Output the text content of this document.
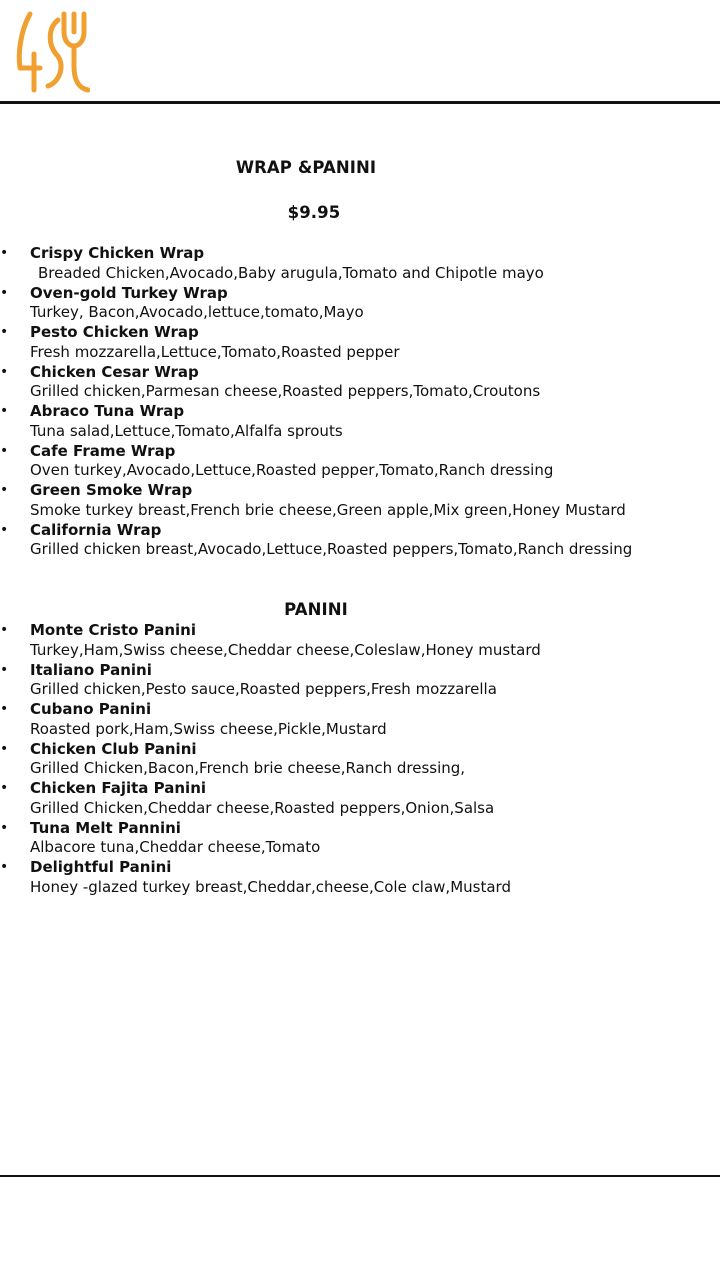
WRAP &PANINI
$9.95
• Crispy Chicken Wrap
Breaded Chicken,Avocado,Baby arugula,Tomato and Chipotle mayo
• Oven-gold Turkey Wrap
Turkey, Bacon,Avocado,lettuce,tomato,Mayo
• Pesto Chicken Wrap
Fresh mozzarella,Lettuce,Tomato,Roasted pepper
• Chicken Cesar Wrap
Grilled chicken,Parmesan cheese,Roasted peppers,Tomato,Croutons
• Abraco Tuna Wrap
Tuna salad,Lettuce,Tomato,Alfalfa sprouts
• Cafe Frame Wrap
Oven turkey,Avocado,Lettuce,Roasted pepper,Tomato,Ranch dressing
• Green Smoke Wrap
Smoke turkey breast,French brie cheese,Green apple,Mix green,Honey Mustard
• California Wrap
Grilled chicken breast,Avocado,Lettuce,Roasted peppers,Tomato,Ranch dressing
PANINI
• Monte Cristo Panini
Turkey,Ham,Swiss cheese,Cheddar cheese,Coleslaw,Honey mustard
• Italiano Panini
Grilled chicken,Pesto sauce,Roasted peppers,Fresh mozzarella
• Cubano Panini
Roasted pork,Ham,Swiss cheese,Pickle,Mustard
• Chicken Club Panini
Grilled Chicken,Bacon,French brie cheese,Ranch dressing,
• Chicken Fajita Panini
Grilled Chicken,Cheddar cheese,Roasted peppers,Onion,Salsa
• Tuna Melt Pannini
Albacore tuna,Cheddar cheese,Tomato
• Delightful Panini
Honey -glazed turkey breast,Cheddar,cheese,Cole claw,Mustard
